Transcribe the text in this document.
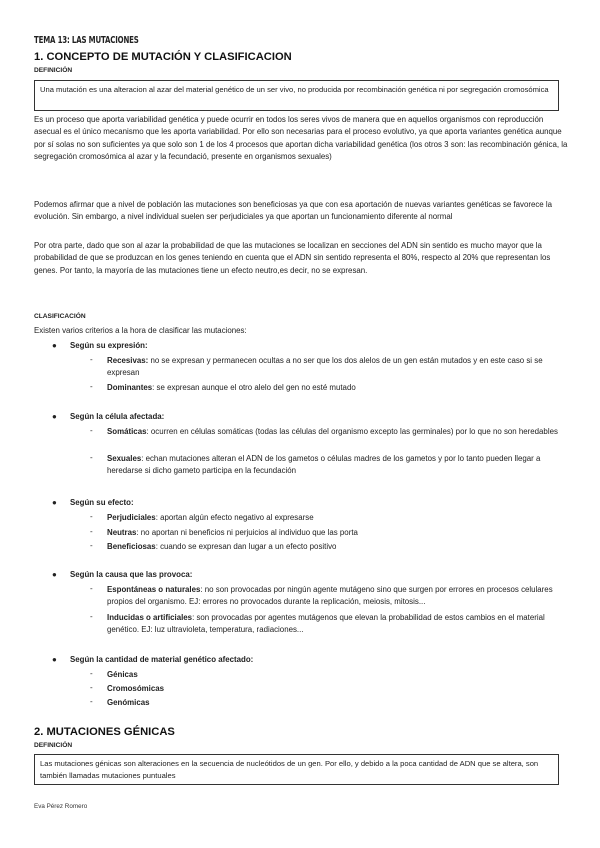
TEMA 13: LAS MUTACIONES
1. CONCEPTO DE MUTACIÓN Y CLASIFICACION
DEFINICIÓN
Una mutación es una alteracion al azar del material genético de un ser vivo, no producida por recombinación genética ni por segregación cromosómica
Es un proceso que aporta variabilidad genética y puede ocurrir en todos los seres vivos de manera que en aquellos organismos con reproducción asecual es el único mecanismo que les aporta variabilidad. Por ello son necesarias para el proceso evolutivo, ya que aporta variantes genética aunque por sí solas no son suficientes ya que solo son 1 de los 4 procesos que aportan dicha variabilidad genética (los otros 3 son: las recombinación génica, la segregación cromosómica al azar y la fecundació, presente en organismos sexuales)
Podemos afirmar que a nivel de población las mutaciones son beneficiosas ya que con esa aportación de nuevas variantes genéticas se favorece la evolución. Sin embargo, a nivel individual suelen ser perjudiciales ya que aportan un funcionamiento diferente al normal
Por otra parte, dado que son al azar la probabilidad de que las mutaciones se localizan en secciones del ADN sin sentido es mucho mayor que la probabilidad de que se produzcan en los genes teniendo en cuenta que el ADN sin sentido representa el 80%, respecto al 20% que representan los genes. Por tanto, la mayoría de las mutaciones tiene un efecto neutro,es decir, no se expresan.
CLASIFICACIÓN
Existen varios criterios a la hora de clasificar las mutaciones:
● Según su expresión:
- Recesivas: no se expresan y permanecen ocultas a no ser que los dos alelos de un gen están mutados y en este caso si se expresan
- Dominantes: se expresan aunque el otro alelo del gen no esté mutado
● Según la célula afectada:
- Somáticas: ocurren en células somáticas (todas las células del organismo excepto las germinales) por lo que no son heredables
- Sexuales: echan mutaciones alteran el ADN de los gametos o células madres de los gametos y por lo tanto pueden llegar a heredarse si dicho gameto participa en la fecundación
● Según su efecto:
- Perjudiciales: aportan algún efecto negativo al expresarse
- Neutras: no aportan ni beneficios ni perjuicios al individuo que las porta
- Beneficiosas: cuando se expresan dan lugar a un efecto positivo
● Según la causa que las provoca:
- Espontáneas o naturales: no son provocadas por ningún agente mutágeno sino que surgen por errores en procesos celulares propios del organismo. EJ: errores no provocados durante la replicación, meiosis, mitosis...
- Inducidas o artificiales: son provocadas por agentes mutágenos que elevan la probabilidad de estos cambios en el material genético. EJ: luz ultravioleta, temperatura, radiaciones...
● Según la cantidad de material genético afectado:
- Génicas
- Cromosómicas
- Genómicas
2. MUTACIONES GÉNICAS
DEFINICIÓN
Las mutaciones génicas son alteraciones en la secuencia de nucleótidos de un gen. Por ello, y debido a la poca cantidad de ADN que se altera, son también llamadas mutaciones puntuales
Eva Pérez Romero
